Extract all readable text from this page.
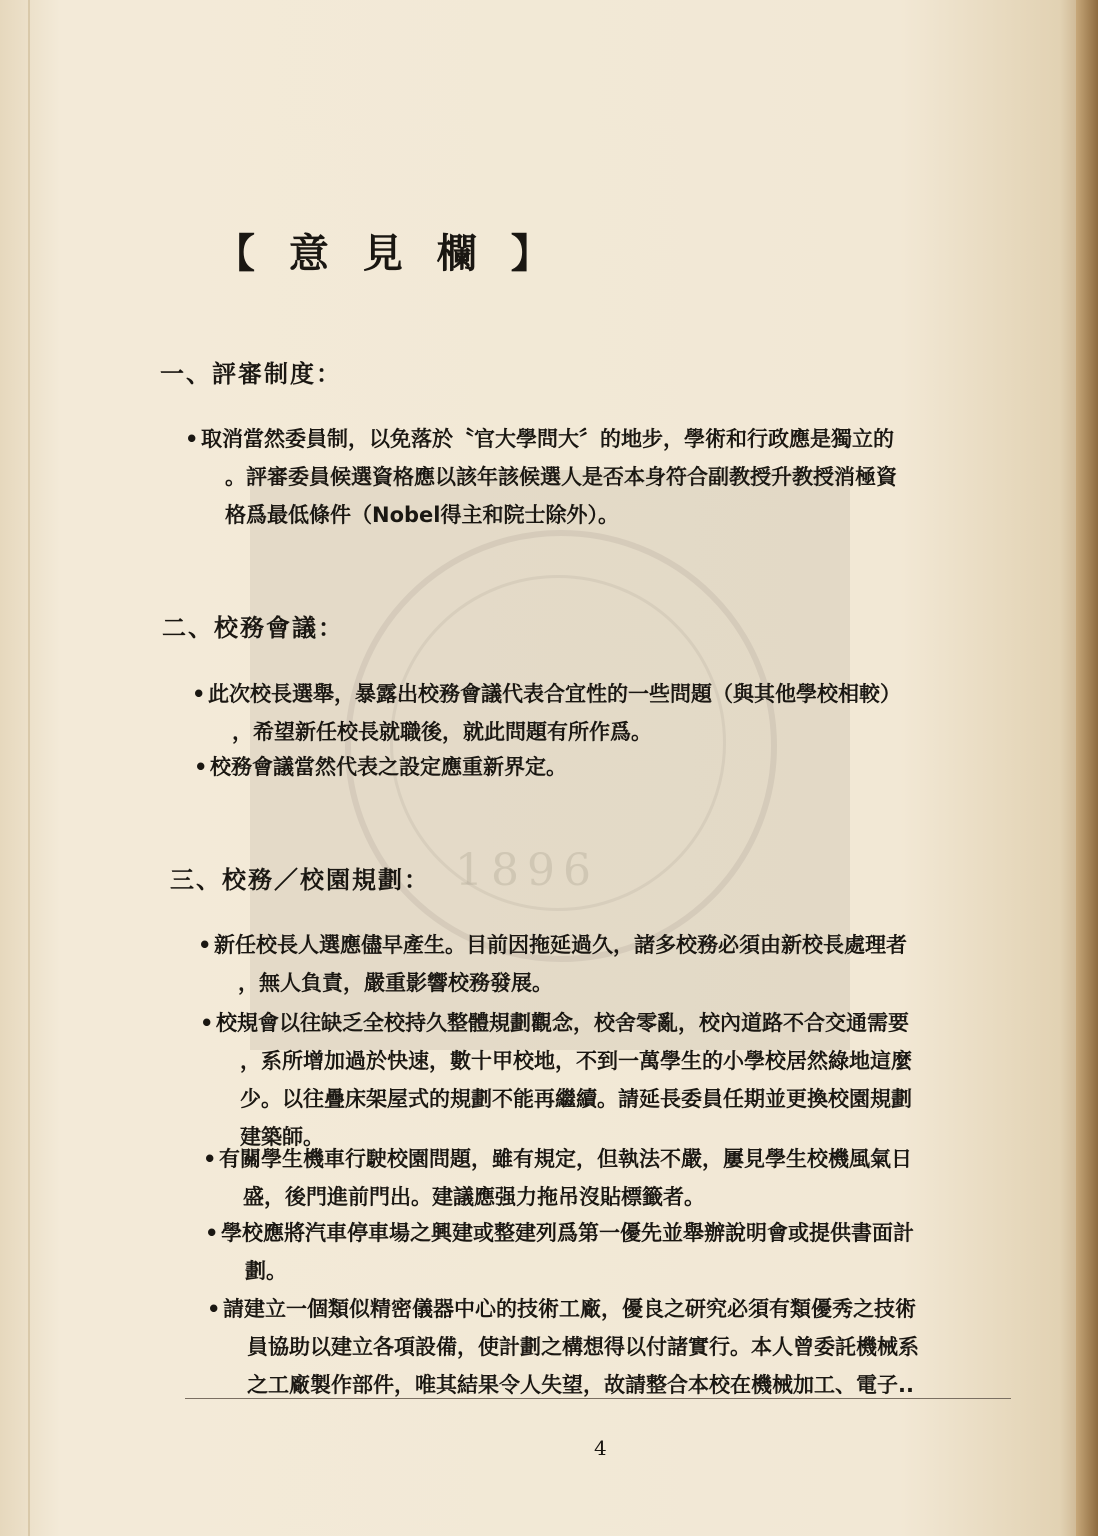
1896
【 意 見 欄 】
一、評審制度：
• 取消當然委員制，以免落於〝官大學問大〞的地步，學術和行政應是獨立的
。評審委員候選資格應以該年該候選人是否本身符合副教授升教授消極資
格爲最低條件（Nobel得主和院士除外）。
二、校務會議：
• 此次校長選舉，暴露出校務會議代表合宜性的一些問題（與其他學校相較）
，希望新任校長就職後，就此問題有所作爲。
• 校務會議當然代表之設定應重新界定。
三、校務／校園規劃：
• 新任校長人選應儘早產生。目前因拖延過久，諸多校務必須由新校長處理者
，無人負責，嚴重影響校務發展。
• 校規會以往缺乏全校持久整體規劃觀念，校舍零亂，校內道路不合交通需要
，系所增加過於快速，數十甲校地，不到一萬學生的小學校居然綠地這麼
少。以往疊床架屋式的規劃不能再繼續。請延長委員任期並更換校園規劃
建築師。
• 有關學生機車行駛校園問題，雖有規定，但執法不嚴，屢見學生校機風氣日
盛，後門進前門出。建議應强力拖吊沒貼標籤者。
• 學校應將汽車停車場之興建或整建列爲第一優先並舉辦說明會或提供書面計
劃。
• 請建立一個類似精密儀器中心的技術工廠，優良之研究必須有類優秀之技術
員協助以建立各項設備，使計劃之構想得以付諸實行。本人曾委託機械系
之工廠製作部件，唯其結果令人失望，故請整合本校在機械加工、電子..
4
